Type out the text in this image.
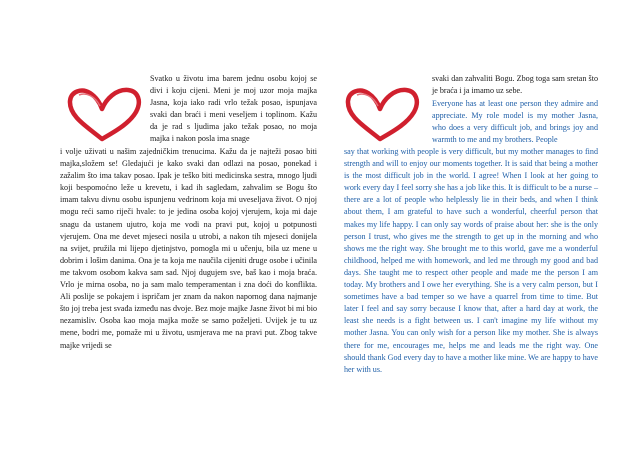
Svatko u životu ima barem jednu osobu kojoj se divi i koju cijeni. Meni je moj uzor moja majka Jasna, koja iako radi vrlo težak posao, ispunjava svaki dan braći i meni veseljem i toplinom. Kažu da je rad s ljudima jako težak posao, no moja majka i nakon posla ima snage

i volje uživati u našim zajedničkim trenucima. Kažu da je najteži posao biti majka,složem se! Gledajući je kako svaki dan odlazi na posao, ponekad i zažalim što ima takav posao. Ipak je teško biti medicinska sestra, mnogo ljudi koji bespomoćno leže u krevetu, i kad ih sagledam, zahvalim se Bogu što imam takvu divnu osobu ispunjenu vedrinom koja mi uveseljava život. O njoj mogu reći samo riječi hvale: to je jedina osoba kojoj vjerujem, koja mi daje snagu da ustanem ujutro, koja me vodi na pravi put, kojoj u potpunosti vjerujem. Ona me devet mjeseci nosila u utrobi, a nakon tih mjeseci donijela na svijet, pružila mi lijepo djetinjstvo, pomogla mi u učenju, bila uz mene u dobrim i lošim danima. Ona je ta koja me naučila cijeniti druge osobe i učinila me takvom osobom kakva sam sad. Njoj dugujem sve, baš kao i moja braća. Vrlo je mirna osoba, no ja sam malo temperamentan i zna doći do konflikta. Ali poslije se pokajem i ispričam jer znam da nakon napornog dana najmanje što joj treba jest svađa između nas dvoje. Bez moje majke Jasne život bi mi bio nezamisliv. Osoba kao moja majka može se samo poželjeti. Uvijek je tu uz mene, bodri me, pomaže mi u životu, usmjerava me na pravi put. Zbog takve majke vrijedi se

svaki dan zahvaliti Bogu. Zbog toga sam sretan što je braća i ja imamo uz sebe.

Everyone has at least one person they admire and appreciate. My role model is my mother Jasna, who does a very difficult job, and brings joy and warmth to me and my brothers. People

say that working with people is very difficult, but my mother manages to find strength and will to enjoy our moments together. It is said that being a mother is the most difficult job in the world. I agree! When I look at her going to work every day I feel sorry she has a job like this. It is difficult to be a nurse – there are a lot of people who helplessly lie in their beds, and when I think about them, I am grateful to have such a wonderful, cheerful person that makes my life happy. I can only say words of praise about her: she is the only person I trust, who gives me the strength to get up in the morning and who shows me the right way. She brought me to this world, gave me a wonderful childhood, helped me with homework, and led me through my good and bad days. She taught me to respect other people and made me the person I am today. My brothers and I owe her everything. She is a very calm person, but I sometimes have a bad temper so we have a quarrel from time to time. But later I feel and say sorry because I know that, after a hard day at work, the least she needs is a fight between us. I can't imagine my life without my mother Jasna. You can only wish for a person like my mother. She is always there for me, encourages me, helps me and leads me the right way. One should thank God every day to have a mother like mine. We are happy to have her with us.
